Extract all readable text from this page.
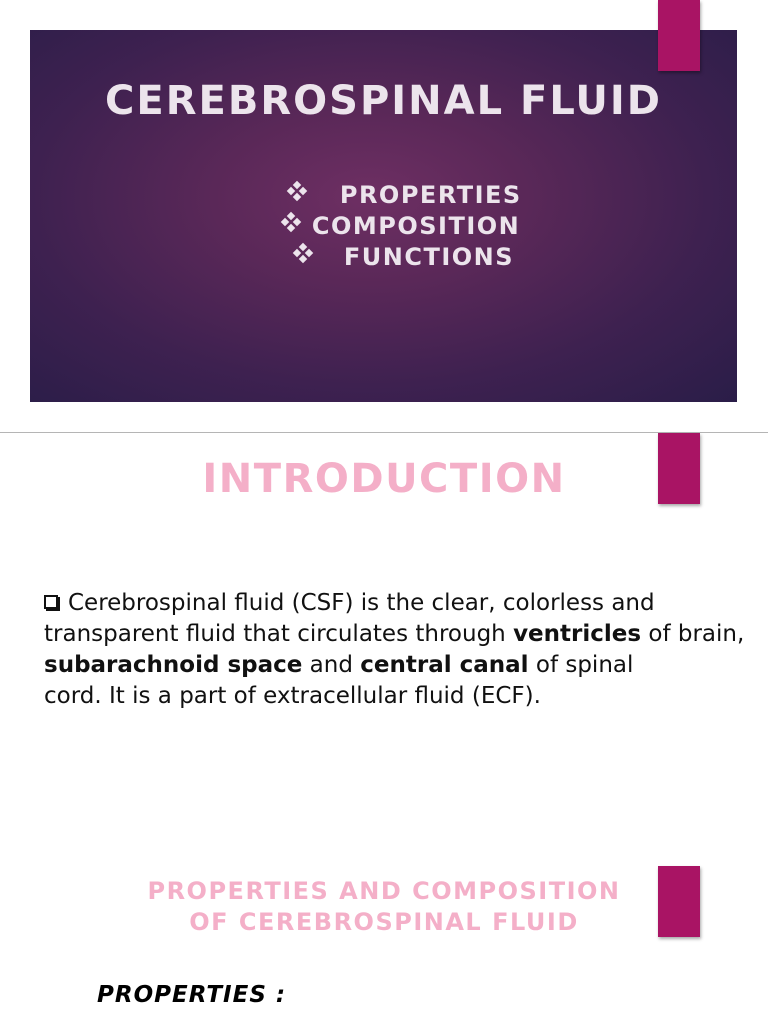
CEREBROSPINAL FLUID
PROPERTIES
COMPOSITION
FUNCTIONS
INTRODUCTION
Cerebrospinal fluid (CSF) is the clear, colorless and transparent fluid that circulates through ventricles of brain, subarachnoid space and central canal of spinal
cord. It is a part of extracellular fluid (ECF).
PROPERTIES AND COMPOSITION
OF CEREBROSPINAL FLUID
PROPERTIES :
